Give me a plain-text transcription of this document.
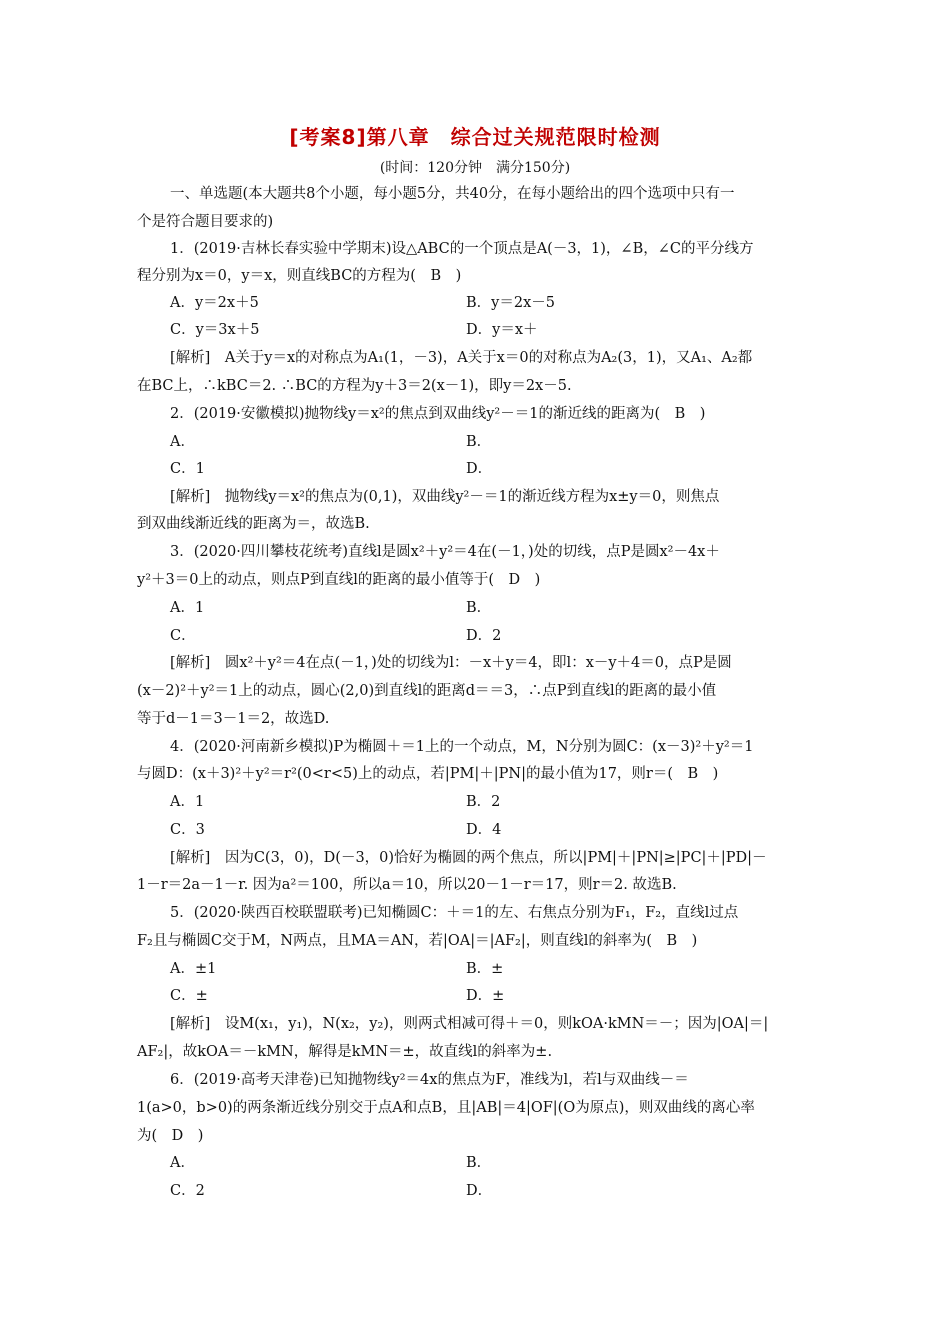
[考案8]第八章　综合过关规范限时检测
(时间：120分钟　满分150分)
一、单选题(本大题共8个小题，每小题5分，共40分，在每小题给出的四个选项中只有一
个是符合题目要求的)
1．(2019·吉林长春实验中学期末)设△ABC的一个顶点是A(－3，1)，∠B，∠C的平分线方
程分别为x＝0，y＝x，则直线BC的方程为(　B　)
A．y＝2x＋5	B．y＝2x－5
C．y＝3x＋5	D．y＝x＋
[解析]　A关于y＝x的对称点为A₁(1，－3)，A关于x＝0的对称点为A₂(3，1)，又A₁、A₂都
在BC上，∴kBC＝2. ∴BC的方程为y＋3＝2(x－1)，即y＝2x－5.
2．(2019·安徽模拟)抛物线y＝x²的焦点到双曲线y²－＝1的渐近线的距离为(　B　)
A．	B．
C．1	D．
[解析]　抛物线y＝x²的焦点为(0,1)，双曲线y²－＝1的渐近线方程为x±y＝0，则焦点
到双曲线渐近线的距离为＝，故选B.
3．(2020·四川攀枝花统考)直线l是圆x²＋y²＝4在(－1，)处的切线，点P是圆x²－4x＋
y²＋3＝0上的动点，则点P到直线l的距离的最小值等于(　D　)
A．1	B．
C．	D．2
[解析]　圆x²＋y²＝4在点(－1，)处的切线为l：－x＋y＝4，即l：x－y＋4＝0，点P是圆
(x－2)²＋y²＝1上的动点，圆心(2,0)到直线l的距离d＝＝3，∴点P到直线l的距离的最小值
等于d－1＝3－1＝2，故选D.
4．(2020·河南新乡模拟)P为椭圆＋＝1上的一个动点，M，N分别为圆C：(x－3)²＋y²＝1
与圆D：(x＋3)²＋y²＝r²(0<r<5)上的动点，若|PM|＋|PN|的最小值为17，则r＝(　B　)
A．1	B．2
C．3	D．4
[解析]　因为C(3，0)，D(－3，0)恰好为椭圆的两个焦点，所以|PM|＋|PN|≥|PC|＋|PD|－
1－r＝2a－1－r. 因为a²＝100，所以a＝10，所以20－1－r＝17，则r＝2. 故选B.
5．(2020·陕西百校联盟联考)已知椭圆C：＋＝1的左、右焦点分别为F₁，F₂，直线l过点
F₂且与椭圆C交于M，N两点，且MA＝AN，若|OA|＝|AF₂|，则直线l的斜率为(　B　)
A．±1	B．±
C．±	D．±
[解析]　设M(x₁，y₁)，N(x₂，y₂)，则两式相减可得＋＝0，则kOA·kMN＝－；因为|OA|＝|
AF₂|，故kOA＝－kMN，解得是kMN＝±，故直线l的斜率为±.
6．(2019·高考天津卷)已知抛物线y²＝4x的焦点为F，准线为l，若l与双曲线－＝
1(a>0，b>0)的两条渐近线分别交于点A和点B，且|AB|＝4|OF|(O为原点)，则双曲线的离心率
为(　D　)
A．	B．
C．2	D．
